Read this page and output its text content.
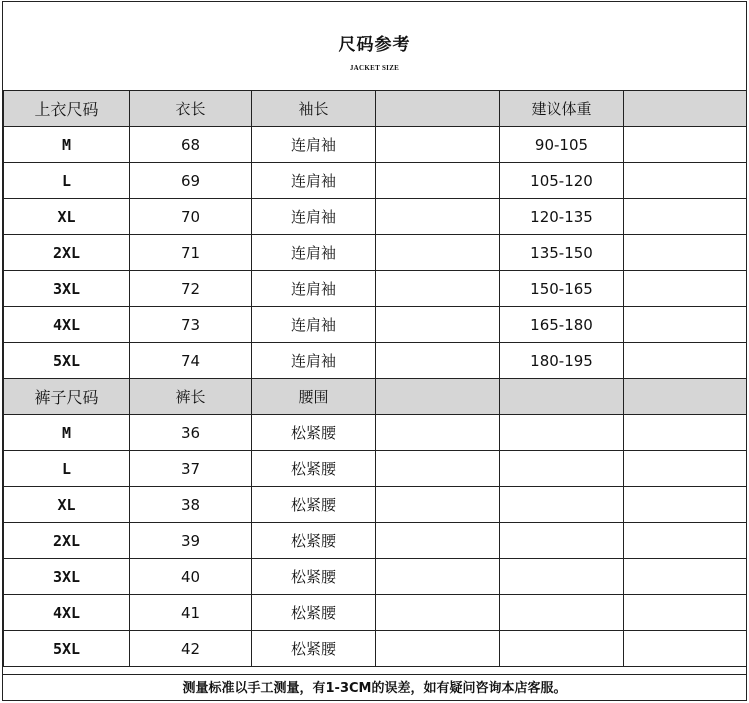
尺码参考
JACKET SIZE
上衣尺码	衣长	袖长		建议体重	
M	68	连肩袖		90-105	
L	69	连肩袖		105-120	
XL	70	连肩袖		120-135	
2XL	71	连肩袖		135-150	
3XL	72	连肩袖		150-165	
4XL	73	连肩袖		165-180	
5XL	74	连肩袖		180-195	
裤子尺码	裤长	腰围			
M	36	松紧腰			
L	37	松紧腰			
XL	38	松紧腰			
2XL	39	松紧腰			
3XL	40	松紧腰			
4XL	41	松紧腰			
5XL	42	松紧腰			
测量标准以手工测量，有1-3CM的误差，如有疑问咨询本店客服。
